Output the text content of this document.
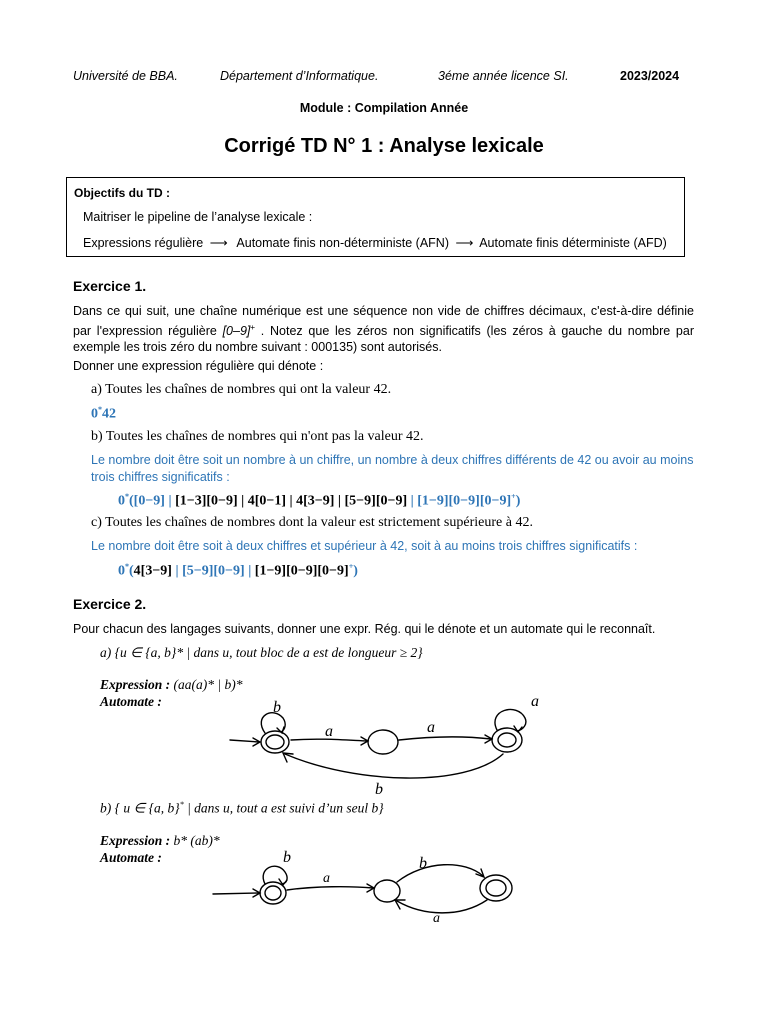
Université de BBA.	Département d’Informatique.	3éme année licence SI.	2023/2024
Module : Compilation Année
Corrigé TD N° 1 : Analyse lexicale
Objectifs du TD :
Maitriser le pipeline de l’analyse lexicale :
Expressions régulière ⟶ Automate finis non-déterministe (AFN) ⟶ Automate finis déterministe (AFD)
Exercice 1.
Dans ce qui suit, une chaîne numérique est une séquence non vide de chiffres décimaux, c'est-à-dire définie par l'expression régulière [0–9]+ . Notez que les zéros non significatifs (les zéros à gauche du nombre par exemple les trois zéro du nombre suivant : 000135) sont autorisés.
Donner une expression régulière qui dénote :
a) Toutes les chaînes de nombres qui ont la valeur 42.
0*42
b) Toutes les chaînes de nombres qui n'ont pas la valeur 42.
Le nombre doit être soit un nombre à un chiffre, un nombre à deux chiffres différents de 42 ou avoir au moins trois chiffres significatifs :
0*([0−9] | [1−3][0−9] | 4[0−1] | 4[3−9] | [5−9][0−9] | [1−9][0−9][0−9]+)
c) Toutes les chaînes de nombres dont la valeur est strictement supérieure à 42.
Le nombre doit être soit à deux chiffres et supérieur à 42, soit à au moins trois chiffres significatifs :
0*(4[3−9] | [5−9][0−9] | [1−9][0−9][0−9]+)
Exercice 2.
Pour chacun des langages suivants, donner une expr. Rég. qui le dénote et un automate qui le reconnaît.
a) {u ∈ {a, b}* | dans u, tout bloc de a est de longueur ≥ 2}
Expression : (aa(a)* | b)*
Automate :	b
a	a
a
b
b) { u ∈ {a, b}* | dans u, tout a est suivi d’un seul b}
Expression : b* (ab)*
Automate :	b
a
b
a
